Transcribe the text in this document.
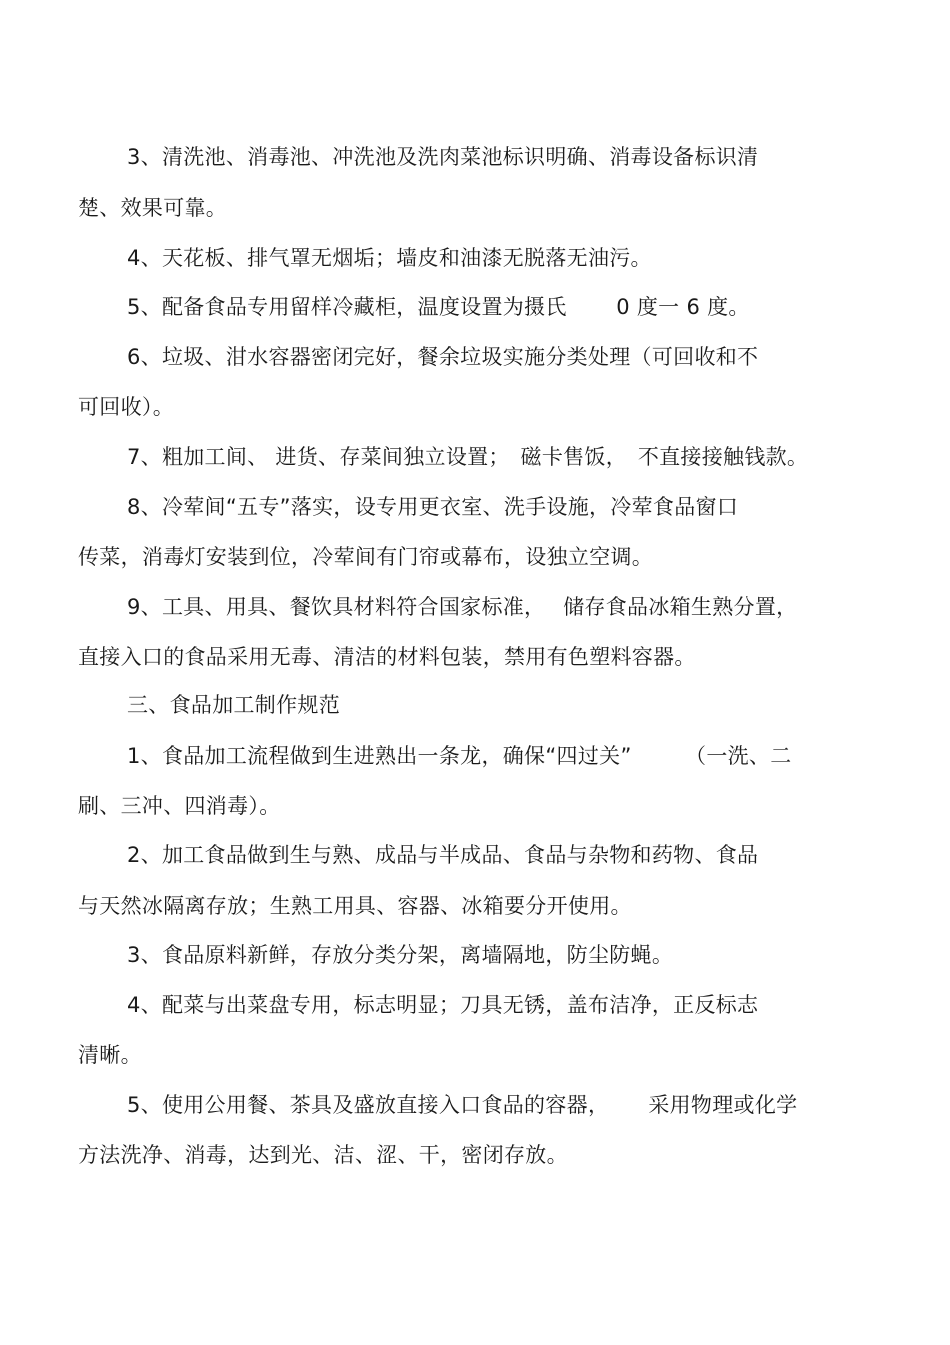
3、清洗池、消毒池、冲洗池及洗肉菜池标识明确、消毒设备标识清
楚、效果可靠。
4、天花板、排气罩无烟垢；墙皮和油漆无脱落无油污。
5、配备食品专用留样冷藏柜，温度设置为摄氏　　 0 度一 6 度。
6、垃圾、泔水容器密闭完好，餐余垃圾实施分类处理（可回收和不
可回收）。
7、粗加工间、 进货、存菜间独立设置；　磁卡售饭，　不直接接触钱款。
8、冷荤间“五专”落实，设专用更衣室、洗手设施，冷荤食品窗口
传菜，消毒灯安装到位，冷荤间有门帘或幕布，设独立空调。
9、工具、用具、餐饮具材料符合国家标准，　 储存食品冰箱生熟分置，
直接入口的食品采用无毒、清洁的材料包装，禁用有色塑料容器。
三、食品加工制作规范
1、食品加工流程做到生进熟出一条龙，确保“四过关”　　　（一洗、二
刷、三冲、四消毒）。
2、加工食品做到生与熟、成品与半成品、食品与杂物和药物、食品
与天然冰隔离存放；生熟工用具、容器、冰箱要分开使用。
3、食品原料新鲜，存放分类分架，离墙隔地，防尘防蝇。
4、配菜与出菜盘专用，标志明显；刀具无锈，盖布洁净，正反标志
清晰。
5、使用公用餐、茶具及盛放直接入口食品的容器，　　 采用物理或化学
方法洗净、消毒，达到光、洁、涩、干，密闭存放。
